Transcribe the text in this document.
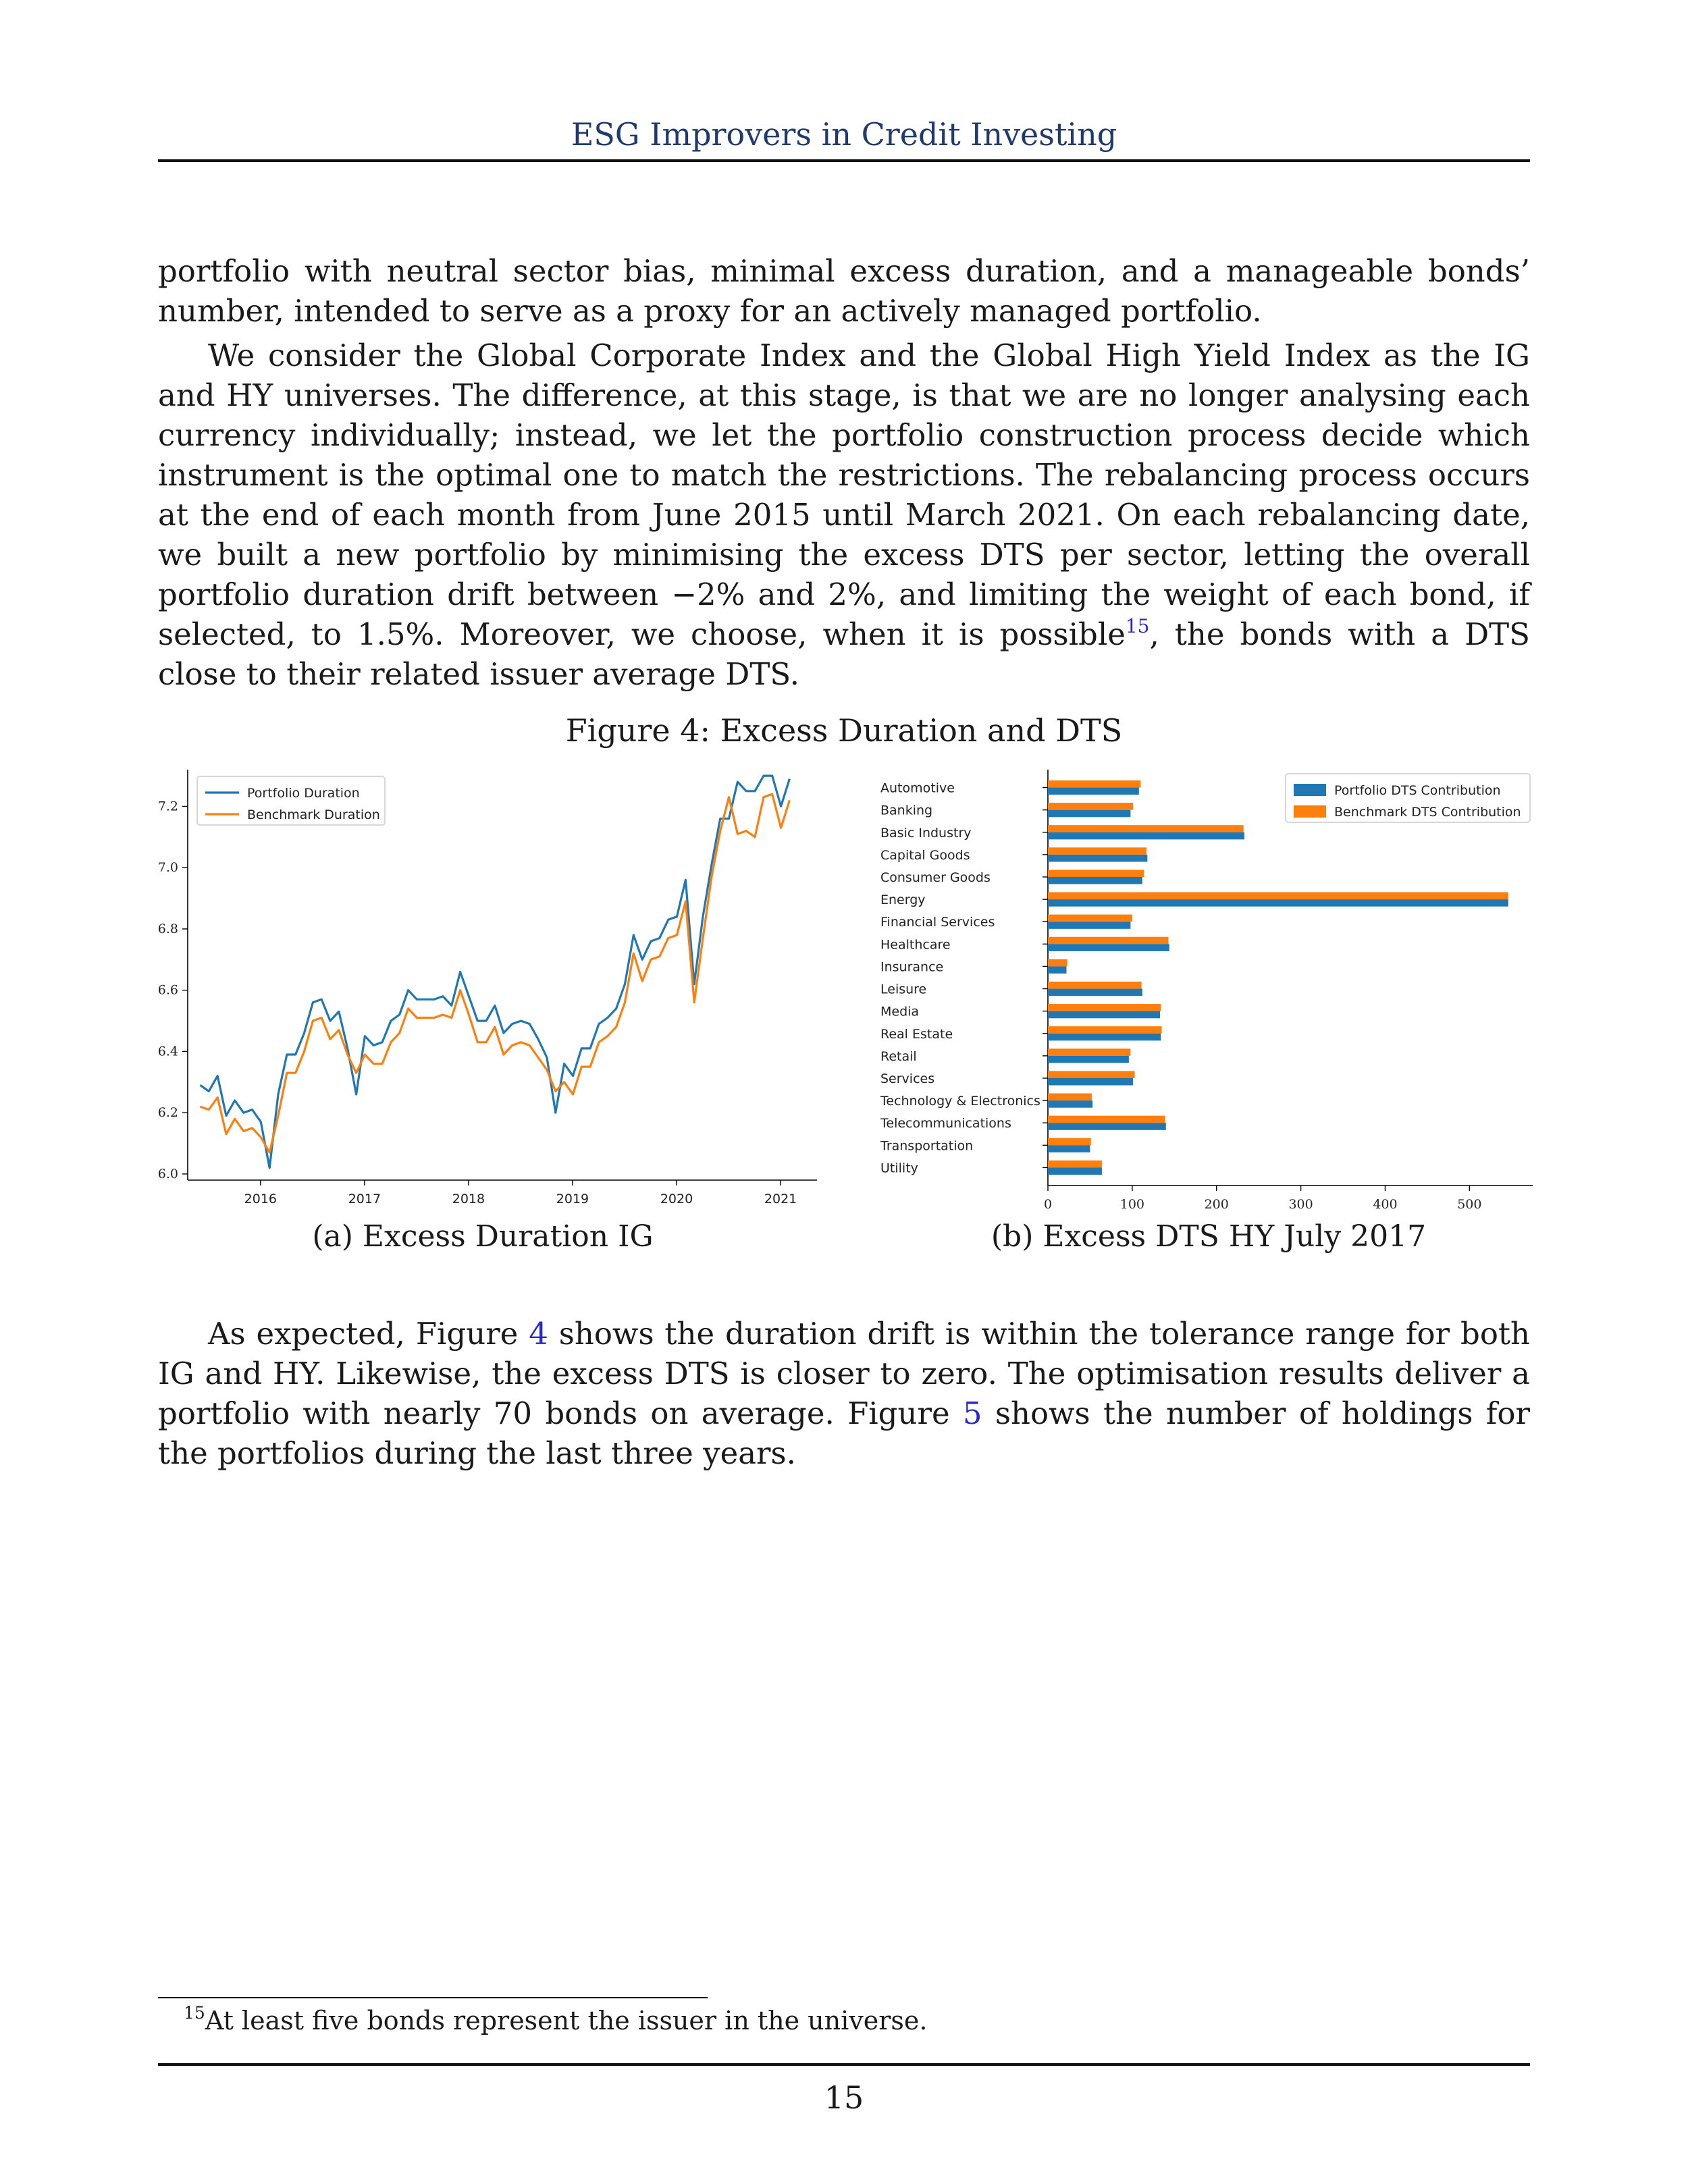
ESG Improvers in Credit Investing

portfolio with neutral sector bias, minimal excess duration, and a manageable bonds’ number, intended to serve as a proxy for an actively managed portfolio.

We consider the Global Corporate Index and the Global High Yield Index as the IG and HY universes. The difference, at this stage, is that we are no longer analysing each currency individually; instead, we let the portfolio construction process decide which instrument is the optimal one to match the restrictions. The rebalancing process occurs at the end of each month from June 2015 until March 2021. On each rebalancing date, we built a new portfolio by minimising the excess DTS per sector, letting the overall portfolio duration drift between −2% and 2%, and limiting the weight of each bond, if selected, to 1.5%. Moreover, we choose, when it is possible$^{15}$, the bonds with a DTS close to their related issuer average DTS.

Figure 4: Excess Duration and DTS
6.0
6.2
6.4
6.6
6.8
7.0
7.2
2016	2017	2018	2019	2020	2021
Portfolio Duration
Benchmark Duration
0	100	200	300	400	500
Automotive
Banking
Basic Industry
Capital Goods
Consumer Goods
Energy
Financial Services
Healthcare
Insurance
Leisure
Media
Real Estate
Retail
Services
Technology & Electronics
Telecommunications
Transportation
Utility
Portfolio DTS Contribution
Benchmark DTS Contribution
(a) Excess Duration IG	(b) Excess DTS HY July 2017

As expected, Figure 4 shows the duration drift is within the tolerance range for both IG and HY. Likewise, the excess DTS is closer to zero. The optimisation results deliver a portfolio with nearly 70 bonds on average. Figure 5 shows the number of holdings for the portfolios during the last three years.

$^{15}$At least five bonds represent the issuer in the universe.
15
